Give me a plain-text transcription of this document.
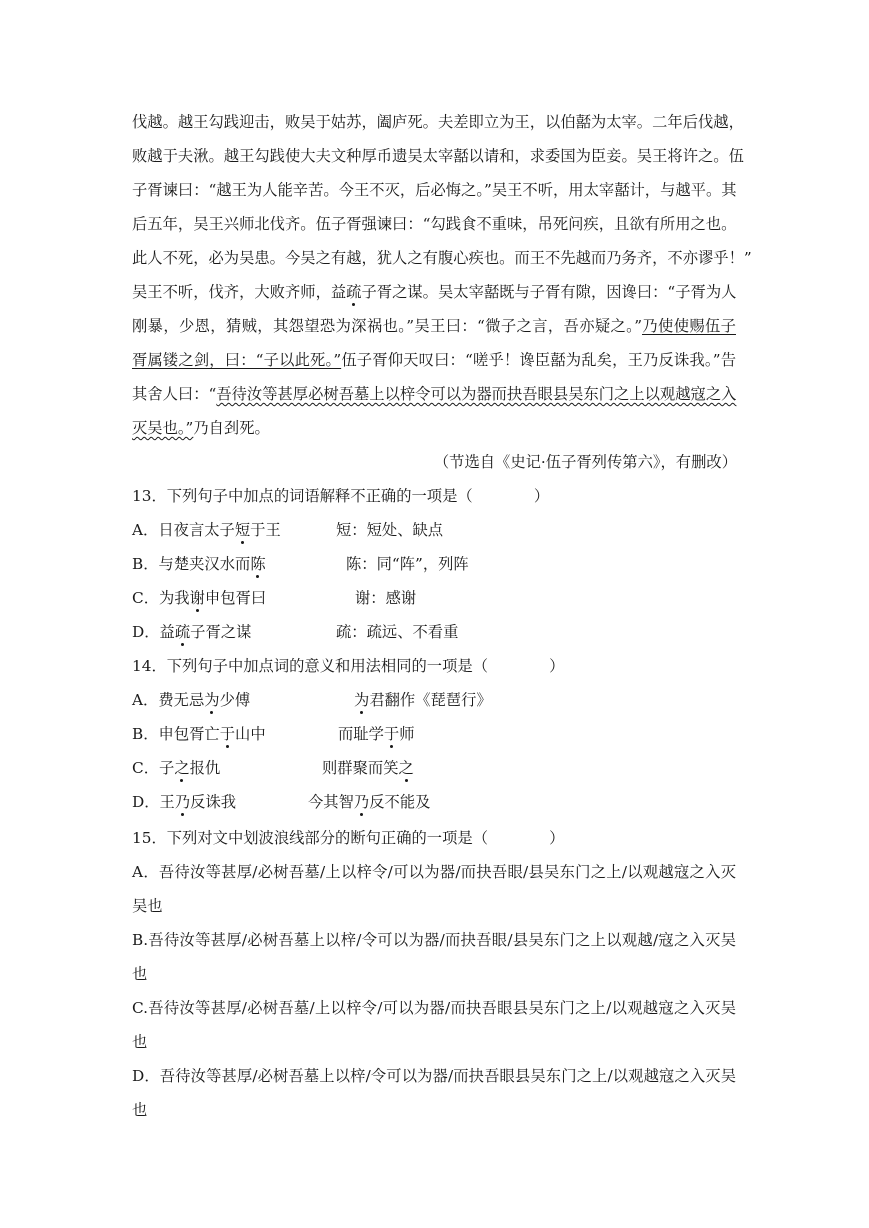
伐越。越王勾践迎击，败吴于姑苏，阖庐死。夫差即立为王，以伯嚭为太宰。二年后伐越，
败越于夫湫。越王勾践使大夫文种厚币遗吴太宰嚭以请和，求委国为臣妾。吴王将许之。伍
子胥谏曰：“越王为人能辛苦。今王不灭，后必悔之。”吴王不听，用太宰嚭计，与越平。其
后五年，吴王兴师北伐齐。伍子胥强谏曰：“勾践食不重味，吊死问疾，且欲有所用之也。
此人不死，必为吴患。今吴之有越，犹人之有腹心疾也。而王不先越而乃务齐，不亦谬乎！”
吴王不听，伐齐，大败齐师，益疏子胥之谋。吴太宰嚭既与子胥有隙，因谗曰：“子胥为人
刚暴，少恩，猜贼，其怨望恐为深祸也。”吴王曰：“微子之言，吾亦疑之。”乃使使赐伍子
胥属镂之剑，曰：“子以此死。”伍子胥仰天叹曰：“嗟乎！谗臣嚭为乱矣，王乃反诛我。”告
其舍人曰：“吾待汝等甚厚必树吾墓上以梓令可以为器而抉吾眼县吴东门之上以观越寇之入
灭吴也。”乃自刭死。
（节选自《史记·伍子胥列传第六》，有删改）
13．下列句子中加点的词语解释不正确的一项是（　　　　）
A．日夜言太子短于王	短：短处、缺点
B．与楚夹汉水而陈	陈：同“阵”，列阵
C．为我谢申包胥曰	谢：感谢
D．益疏子胥之谋	疏：疏远、不看重
14．下列句子中加点词的意义和用法相同的一项是（　　　　）
A．费无忌为少傅	为君翻作《琵琶行》
B．申包胥亡于山中	而耻学于师
C．子之报仇	则群聚而笑之
D．王乃反诛我	今其智乃反不能及
15．下列对文中划波浪线部分的断句正确的一项是（　　　　）
A．吾待汝等甚厚/必树吾墓/上以梓令/可以为器/而抉吾眼/县吴东门之上/以观越寇之入灭
吴也
B.吾待汝等甚厚/必树吾墓上以梓/令可以为器/而抉吾眼/县吴东门之上以观越/寇之入灭吴
也
C.吾待汝等甚厚/必树吾墓/上以梓令/可以为器/而抉吾眼县吴东门之上/以观越寇之入灭吴
也
D．吾待汝等甚厚/必树吾墓上以梓/令可以为器/而抉吾眼县吴东门之上/以观越寇之入灭吴
也
